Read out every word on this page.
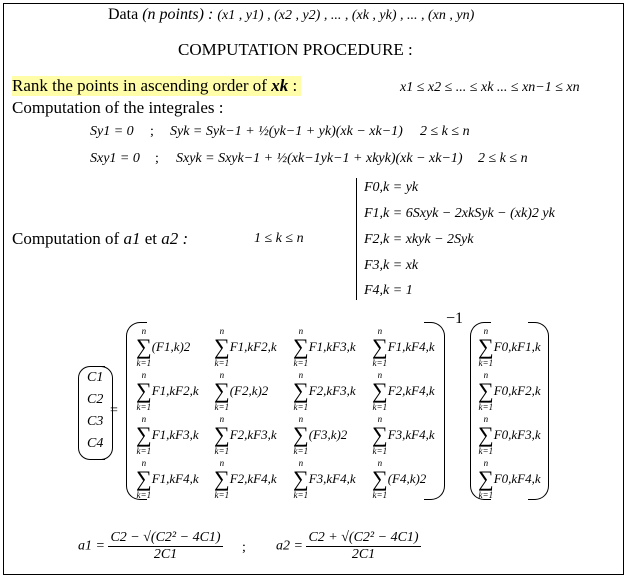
Data (n points) : (x1 , y1) , (x2 , y2) , ... , (xk , yk) , ... , (xn , yn)
COMPUTATION PROCEDURE :
Rank the points in ascending order of xk :	x1 ≤ x2 ≤ ... ≤ xk ... ≤ xn−1 ≤ xn
Computation of the integrales :
Sy1 = 0 ; Syk = Syk−1 + ½(yk−1 + yk)(xk − xk−1) 2 ≤ k ≤ n
Sxy1 = 0 ; Sxyk = Sxyk−1 + ½(xk−1yk−1 + xkyk)(xk − xk−1) 2 ≤ k ≤ n
Computation of a1 et a2 :	1 ≤ k ≤ n
F0,k = yk
F1,k = 6Sxyk − 2xkSyk − (xk)2 yk
F2,k = xkyk − 2Syk
F3,k = xk
F4,k = 1
C1
C2
C3
C4
=
−1
n
∑
k=1
(F1,k)2
n
∑
k=1
F1,kF2,k
n
∑
k=1
F1,kF3,k
n
∑
k=1
F1,kF4,k
n
∑
k=1
F1,kF2,k
n
∑
k=1
(F2,k)2
n
∑
k=1
F2,kF3,k
n
∑
k=1
F2,kF4,k
n
∑
k=1
F1,kF3,k
n
∑
k=1
F2,kF3,k
n
∑
k=1
(F3,k)2
n
∑
k=1
F3,kF4,k
n
∑
k=1
F1,kF4,k
n
∑
k=1
F2,kF4,k
n
∑
k=1
F3,kF4,k
n
∑
k=1
(F4,k)2
n
∑
k=1
F0,kF1,k
n
∑
k=1
F0,kF2,k
n
∑
k=1
F0,kF3,k
n
∑
k=1
F0,kF4,k
$a1 = \frac{\text{C2 − √(C2² − 4C1)}}{2C1}$ ; $a2 = \frac{\text{C2 + √(C2² − 4C1)}}{2C1}$
